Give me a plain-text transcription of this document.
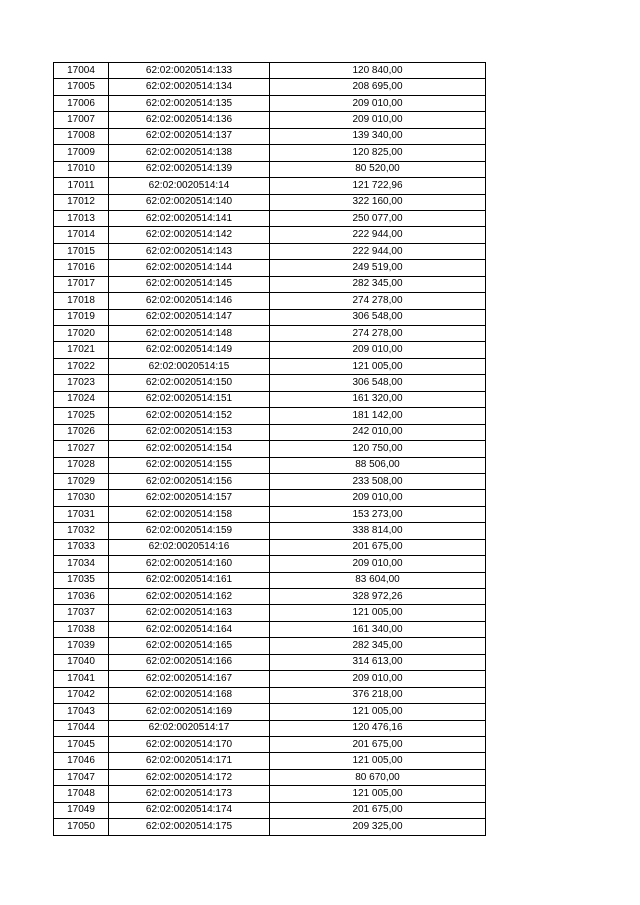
17004	62:02:0020514:133	120 840,00
17005	62:02:0020514:134	208 695,00
17006	62:02:0020514:135	209 010,00
17007	62:02:0020514:136	209 010,00
17008	62:02:0020514:137	139 340,00
17009	62:02:0020514:138	120 825,00
17010	62:02:0020514:139	80 520,00
17011	62:02:0020514:14	121 722,96
17012	62:02:0020514:140	322 160,00
17013	62:02:0020514:141	250 077,00
17014	62:02:0020514:142	222 944,00
17015	62:02:0020514:143	222 944,00
17016	62:02:0020514:144	249 519,00
17017	62:02:0020514:145	282 345,00
17018	62:02:0020514:146	274 278,00
17019	62:02:0020514:147	306 548,00
17020	62:02:0020514:148	274 278,00
17021	62:02:0020514:149	209 010,00
17022	62:02:0020514:15	121 005,00
17023	62:02:0020514:150	306 548,00
17024	62:02:0020514:151	161 320,00
17025	62:02:0020514:152	181 142,00
17026	62:02:0020514:153	242 010,00
17027	62:02:0020514:154	120 750,00
17028	62:02:0020514:155	88 506,00
17029	62:02:0020514:156	233 508,00
17030	62:02:0020514:157	209 010,00
17031	62:02:0020514:158	153 273,00
17032	62:02:0020514:159	338 814,00
17033	62:02:0020514:16	201 675,00
17034	62:02:0020514:160	209 010,00
17035	62:02:0020514:161	83 604,00
17036	62:02:0020514:162	328 972,26
17037	62:02:0020514:163	121 005,00
17038	62:02:0020514:164	161 340,00
17039	62:02:0020514:165	282 345,00
17040	62:02:0020514:166	314 613,00
17041	62:02:0020514:167	209 010,00
17042	62:02:0020514:168	376 218,00
17043	62:02:0020514:169	121 005,00
17044	62:02:0020514:17	120 476,16
17045	62:02:0020514:170	201 675,00
17046	62:02:0020514:171	121 005,00
17047	62:02:0020514:172	80 670,00
17048	62:02:0020514:173	121 005,00
17049	62:02:0020514:174	201 675,00
17050	62:02:0020514:175	209 325,00
